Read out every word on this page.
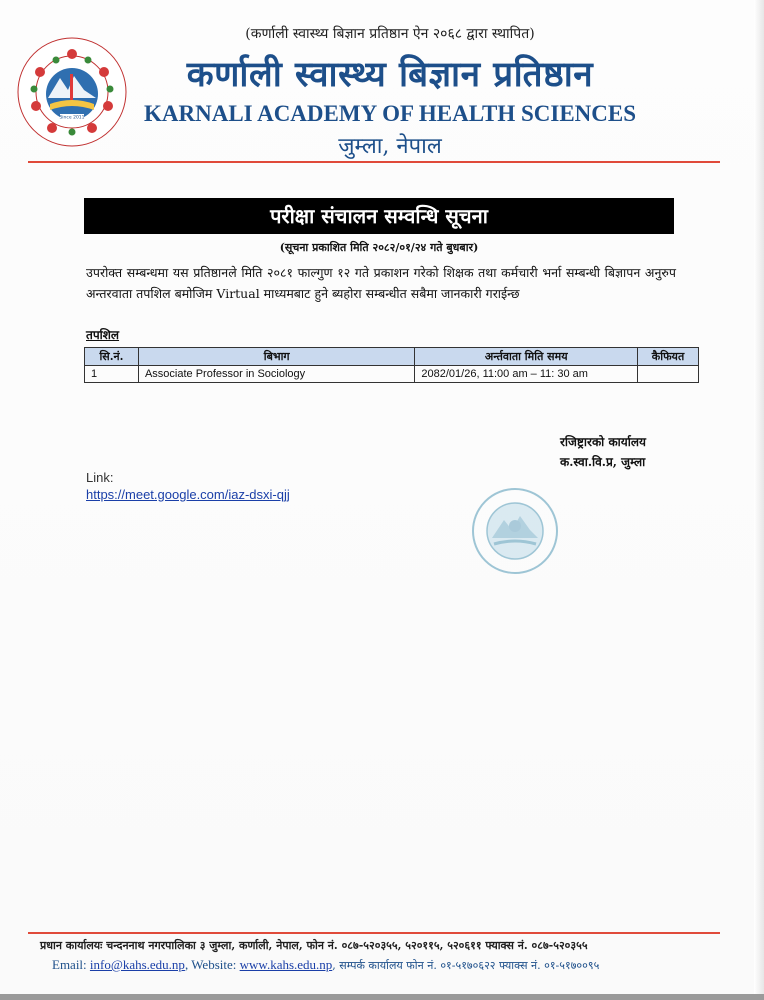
Since 2011
(कर्णाली स्वास्थ्य बिज्ञान प्रतिष्ठान ऐन २०६८ द्वारा स्थापित)
कर्णाली स्वास्थ्य बिज्ञान प्रतिष्ठान
KARNALI ACADEMY OF HEALTH SCIENCES
जुम्ला, नेपाल
परीक्षा संचालन सम्वन्धि सूचना
(सूचना प्रकाशित मिति २०८२/०१/२४ गते बुधबार)
उपरोक्त सम्बन्धमा यस प्रतिष्ठानले मिति २०८१ फाल्गुण १२ गते प्रकाशन गरेको शिक्षक तथा कर्मचारी भर्ना सम्बन्धी बिज्ञापन अनुरुप अन्तरवाता तपशिल बमोजिम Virtual माध्यमबाट हुने ब्यहोरा सम्बन्धीत सबैमा जानकारी गराईन्छ
तपशिल
सि.नं.	बिभाग	अर्न्तवाता मिति समय	कैफियत
1	Associate Professor in Sociology	2082/01/26, 11:00 am – 11: 30 am	
रजिष्ट्रारको कार्यालय
क.स्वा.वि.प्र, जुम्ला
Link:
https://meet.google.com/iaz-dsxi-qjj
प्रधान कार्यालयः चन्दननाथ नगरपालिका ३ जुम्ला, कर्णाली, नेपाल, फोन नं. ०८७-५२०३५५, ५२०११५, ५२०६११ फ्याक्स नं. ०८७-५२०३५५
Email: info@kahs.edu.np, Website: www.kahs.edu.np, सम्पर्क कार्यालय फोन नं. ०१-५१७०६२२ फ्याक्स नं. ०१-५१७००९५
